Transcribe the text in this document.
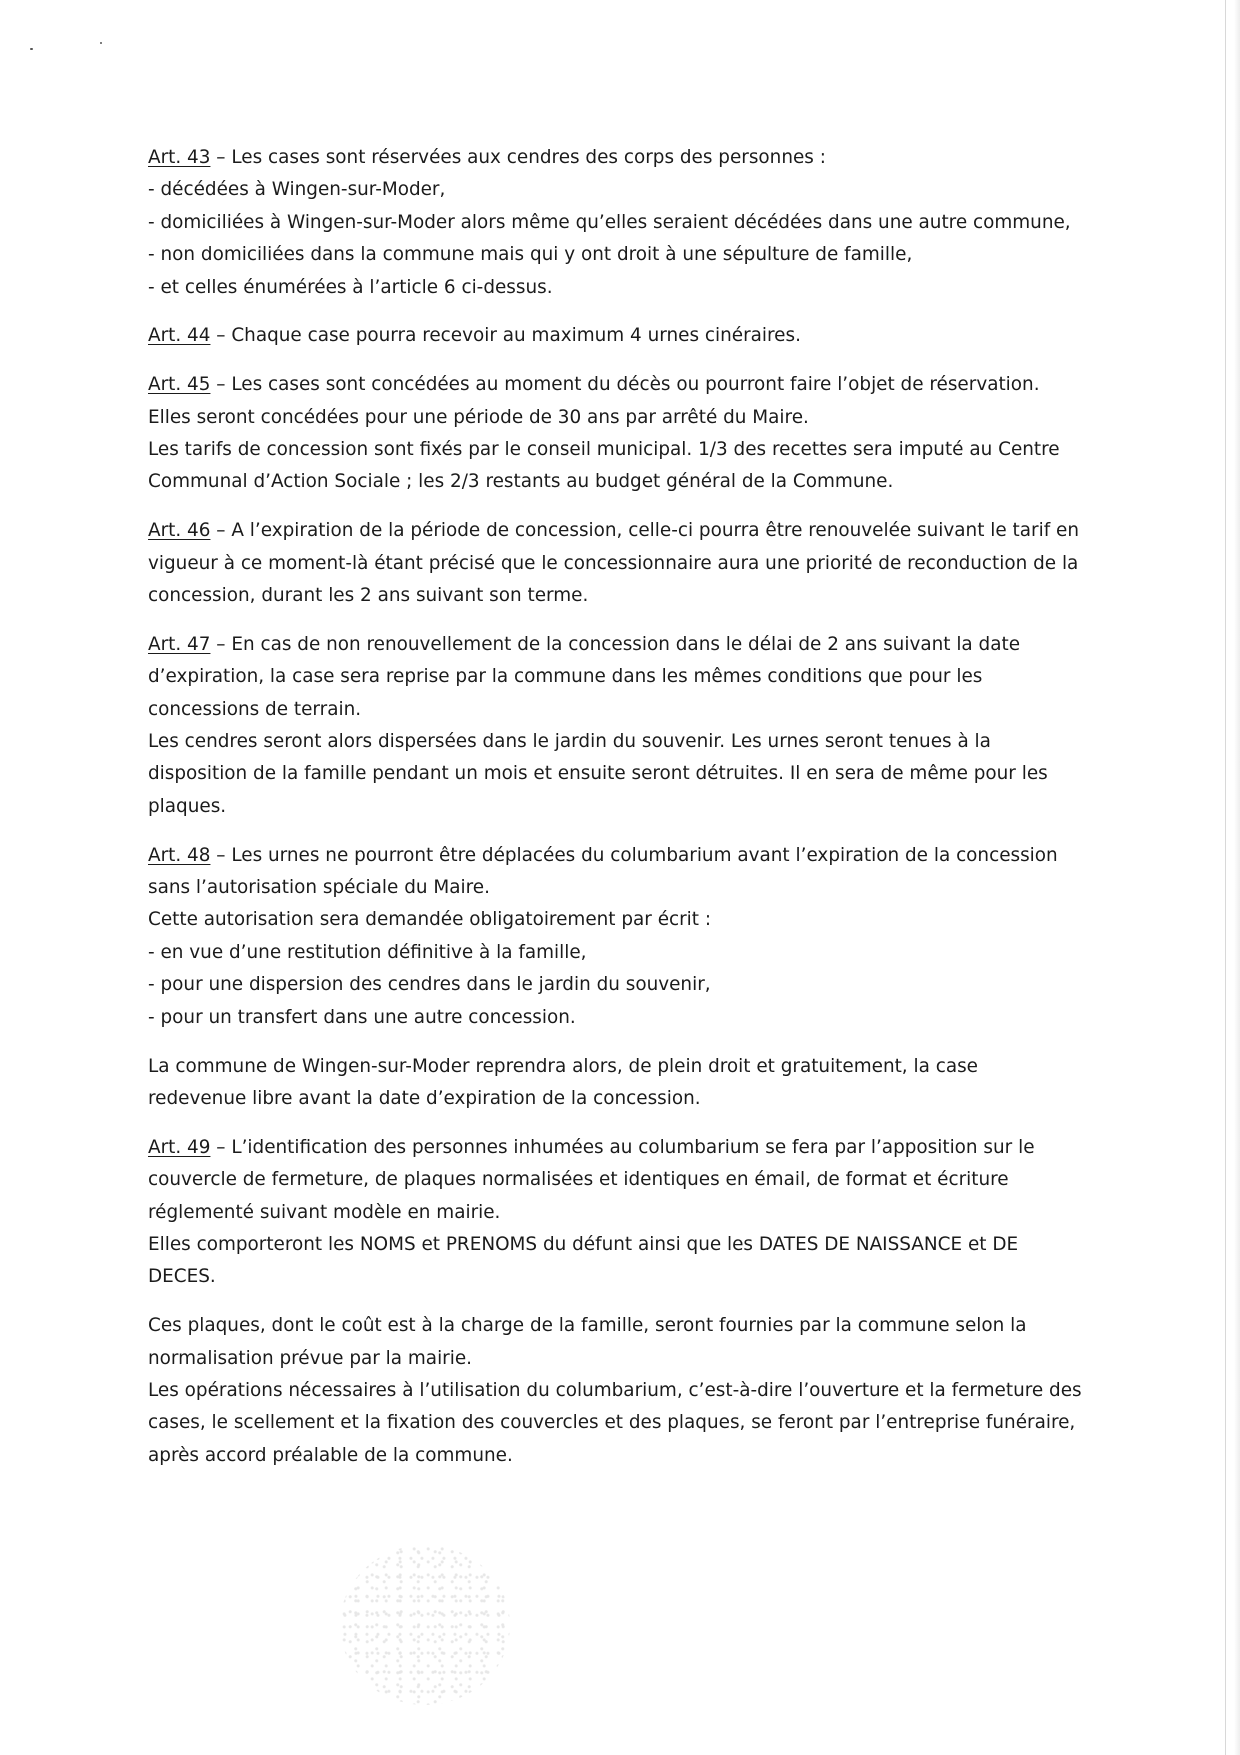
Art. 43 – Les cases sont réservées aux cendres des corps des personnes :
- décédées à Wingen-sur-Moder,
- domiciliées à Wingen-sur-Moder alors même qu’elles seraient décédées dans une autre commune,
- non domiciliées dans la commune mais qui y ont droit à une sépulture de famille,
- et celles énumérées à l’article 6 ci-dessus.
Art. 44 – Chaque case pourra recevoir au maximum 4 urnes cinéraires.
Art. 45 – Les cases sont concédées au moment du décès ou pourront faire l’objet de réservation.
Elles seront concédées pour une période de 30 ans par arrêté du Maire.
Les tarifs de concession sont fixés par le conseil municipal. 1/3 des recettes sera imputé au Centre
Communal d’Action Sociale ; les 2/3 restants au budget général de la Commune.
Art. 46 – A l’expiration de la période de concession, celle-ci pourra être renouvelée suivant le tarif en
vigueur à ce moment-là étant précisé que le concessionnaire aura une priorité de reconduction de la
concession, durant les 2 ans suivant son terme.
Art. 47 – En cas de non renouvellement de la concession dans le délai de 2 ans suivant la date
d’expiration, la case sera reprise par la commune dans les mêmes conditions que pour les
concessions de terrain.
Les cendres seront alors dispersées dans le jardin du souvenir. Les urnes seront tenues à la
disposition de la famille pendant un mois et ensuite seront détruites. Il en sera de même pour les
plaques.
Art. 48 – Les urnes ne pourront être déplacées du columbarium avant l’expiration de la concession
sans l’autorisation spéciale du Maire.
Cette autorisation sera demandée obligatoirement par écrit :
- en vue d’une restitution définitive à la famille,
- pour une dispersion des cendres dans le jardin du souvenir,
- pour un transfert dans une autre concession.
La commune de Wingen-sur-Moder reprendra alors, de plein droit et gratuitement, la case
redevenue libre avant la date d’expiration de la concession.
Art. 49 – L’identification des personnes inhumées au columbarium se fera par l’apposition sur le
couvercle de fermeture, de plaques normalisées et identiques en émail, de format et écriture
réglementé suivant modèle en mairie.
Elles comporteront les NOMS et PRENOMS du défunt ainsi que les DATES DE NAISSANCE et DE
DECES.
Ces plaques, dont le coût est à la charge de la famille, seront fournies par la commune selon la
normalisation prévue par la mairie.
Les opérations nécessaires à l’utilisation du columbarium, c’est-à-dire l’ouverture et la fermeture des
cases, le scellement et la fixation des couvercles et des plaques, se feront par l’entreprise funéraire,
après accord préalable de la commune.
